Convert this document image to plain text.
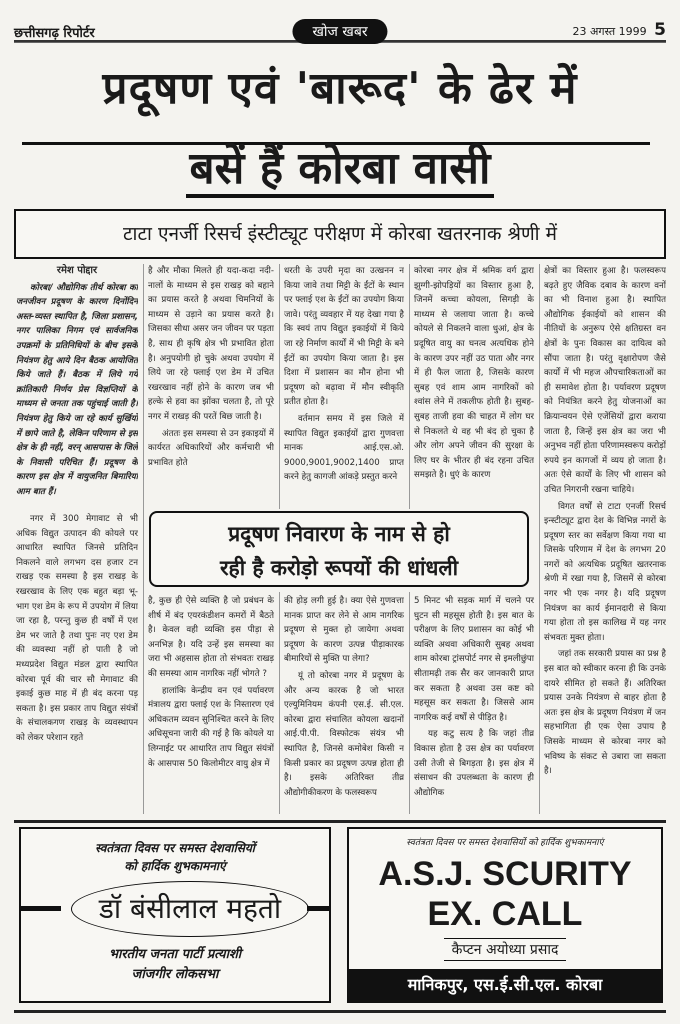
छत्तीसगढ़ रिपोर्टर	खोज खबर	23 अगस्त 1999 5
प्रदूषण एवं 'बारूद' के ढेर में
बसें हैं कोरबा वासी
टाटा एनर्जी रिसर्च इंस्टीट्यूट परीक्षण में कोरबा खतरनाक श्रेणी में

रमेश पोद्दार

कोरबा/ औद्योगिक तीर्थ कोरबा का जनजीवन प्रदूषण के कारण दिनोंदिन अस्त-व्यस्त स्थापित है, जिला प्रशासन, नगर पालिका निगम एवं सार्वजनिक उपक्रमों के प्रतिनिधियों के बीच इसके नियंत्रण हेतु आये दिन बैठक आयोजित किये जाते हैं। बैठक में लिये गये क्रांतिकारी निर्णय प्रेस विज्ञप्तियों के माध्यम से जनता तक पहुंचाई जाती है। नियंत्रण हेतु किये जा रहे कार्य सुर्खियों में छापे जाते है, लेकिन परिणाम से इस क्षेत्र के ही नहीं, वरन् आसपास के जिले के निवासी परिचित हैं। प्रदूषण के कारण इस क्षेत्र में वायुजनित बिमारियां आम बात हैं।

नगर में 300 मेगावाट से भी अधिक विद्युत उत्पादन की कोयले पर आधारित स्थापित जिनसे प्रतिदिन निकलने वाले लगभग दस हजार टन राखड़ एक समस्या है इस राखड़ के रखरखाव के लिए एक बहुत बड़ा भू-भाग एश डेम के रूप में उपयोग में लिया जा रहा है, परन्तु कुछ ही वर्षों में एश डेम भर जाते है तथा पुनः नए एश डेम की व्यवस्था नहीं हो पाती है जो मध्यप्रदेश विद्युत मंडल द्वारा स्थापित कोरबा पूर्व की चार सौ मेगावाट की इकाई कुछ माह में ही बंद करना पड़ सकता है। इस प्रकार ताप विद्युत संयंत्रों के संचालकगण राखड़ के व्यवस्थापन को लेकर परेशान रहते

है और मौका मिलते ही यदा-कदा नदी-नालों के माध्यम से इस राखड़ को बहाने का प्रयास करते है अथवा चिमनियों के माध्यम से उड़ाने का प्रयास करते है। जिसका सीधा असर जन जीवन पर पड़ता है, साथ ही कृषि क्षेत्र भी प्रभावित होता है। अनुपयोगी हो चुके अथवा उपयोग में लिये जा रहे फ्लाई एश डेम में उचित रखरखाव नहीं होने के कारण जब भी हल्के से हवा का झोंका चलता है, तो पूरे नगर में राखड़ की परतें बिछ जाती है।

अंततः इस समस्या से उन इकाइयों में कार्यरत अधिकारियों और कर्मचारी भी प्रभावित होते

धरती के उपरी मृदा का उत्खनन न किया जावे तथा मिट्टी के ईंटों के स्थान पर फ्लाई एश के ईंटों का उपयोग किया जावे। परंतु व्यवहार में यह देखा गया है कि स्वयं ताप विद्युत इकाईयों में किये जा रहे निर्माण कार्यों में भी मिट्टी के बने ईंटों का उपयोग किया जाता है। इस दिशा में प्रशासन का मौन होना भी प्रदूषण को बढ़ावा में मौन स्वीकृति प्रतीत होता है।

वर्तमान समय में इस जिले में स्थापित विद्युत इकाईयों द्वारा गुणवत्ता मानक आई.एस.ओ. 9000,9001,9002,1400 प्राप्त करने हेतु कागजी आंकड़े प्रस्तुत करने

कोरबा नगर क्षेत्र में श्रमिक वर्ग द्वारा झुग्गी-झोपड़ियों का विस्तार हुआ है, जिनमें कच्चा कोयला, सिगड़ी के माध्यम से जलाया जाता है। कच्चे कोयले से निकलने वाला धुआं, क्षेत्र के प्रदूषित वायु का घनत्व अत्यधिक होने के कारण उपर नहीं उठ पाता और नगर में ही फैल जाता है, जिसके कारण सुबह एवं शाम आम नागरिकों को श्वांस लेने में तकलीफ होती है। सुबह-सुबह ताजी हवा की चाहत में लोग घर से निकलते थे वह भी बंद हो चुका है और लोग अपने जीवन की सुरक्षा के लिए घर के भीतर ही बंद रहना उचित समझते है। धुएं के कारण

क्षेत्रों का विस्तार हुआ है। फलस्वरूप बढ़ते हुए जैविक दबाव के कारण वनों का भी विनाश हुआ है। स्थापित औद्योगिक ईकाईयों को शासन की नीतियों के अनुरूप ऐसे क्षतिग्रस्त वन क्षेत्रों के पुनः विकास का दायित्व को सौंपा जाता है। परंतु वृक्षारोपण जैसे कार्यों में भी महज औपचारिकताओं का ही समावेश होता है। पर्यावरण प्रदूषण को नियंत्रित करने हेतु योजनाओं का क्रियान्वयन ऐसे एजेंसियों द्वारा कराया जाता है, जिन्हें इस क्षेत्र का जरा भी अनुभव नहीं होता परिणामस्वरूप करोड़ों रुपये इन कागजों में व्यय हो जाता है। अतः ऐसे कार्यों के लिए भी शासन को उचित निगरानी रखना चाहिये।

विगत वर्षों से टाटा एनर्जी रिसर्च इन्स्टीट्यूट द्वारा देश के विभिन्न नगरों के प्रदूषण स्तर का सर्वेक्षण किया गया था जिसके परिणाम में देश के लगभग 20 नगरों को अत्यधिक प्रदूषित खतरनाक श्रेणी में रखा गया है, जिसमें से कोरबा नगर भी एक नगर है। यदि प्रदूषण नियंत्रण का कार्य ईमानदारी से किया गया होता तो इस कालिख में यह नगर संभवतः मुक्त होता।

जहां तक सरकारी प्रयास का प्रश्न है इस बात को स्वीकार करना ही कि उनके दायरे सीमित हो सकते हैं। अतिरिक्त प्रयास उनके नियंत्रण से बाहर होता है अतः इस क्षेत्र के प्रदूषण नियंत्रण में जन सहभागिता ही एक ऐसा उपाय है जिसके माध्यम से कोरबा नगर को भविष्य के संकट से उबारा जा सकता है।

प्रदूषण निवारण के नाम से हो
रही है करोड़ो रूपयों की धांधली

है, कुछ ही ऐसे व्यक्ति है जो प्रबंधन के शीर्ष में बंद एयरकंडीशन कमरों में बैठते है। केवल वही व्यक्ति इस पीड़ा से अनभिज्ञ है। यदि उन्हें इस समस्या का जरा भी अहसास होता तो संभवतः राखड़ की समस्या आम नागरिक नहीं भोगते ?

हालांकि केन्द्रीय वन एवं पर्यावरण मंत्रालय द्वारा फ्लाई एश के निस्तारण एवं अधिकतम व्यवन सुनिश्चित करने के लिए अधिसूचना जारी की गई है कि कोयले या लिग्नाईट पर आधारित ताप विद्युत संयंत्रों के आसपास 50 किलोमीटर वायु क्षेत्र में

की होड़ लगी हुई है। क्या ऐसे गुणवत्ता मानक प्राप्त कर लेने से आम नागरिक प्रदूषण से मुक्त हो जायेगा अथवा प्रदूषण के कारण उत्पन्न पीड़ाकारक बीमारियों से मुक्ति पा लेगा?

यूं तो कोरबा नगर में प्रदूषण के और अन्य कारक है जो भारत एल्युमिनियम कंपनी एस.ई. सी.एल. कोरबा द्वारा संचालित कोयला खदानों आई.पी.पी. विस्फोटक संयंत्र भी स्थापित है, जिनसे कमोबेश किसी न किसी प्रकार का प्रदूषण उत्पन्न होता ही है। इसके अतिरिक्त तीव्र औद्योगीकीकरण के फलस्वरूप

5 मिनट भी सड़क मार्ग में चलने पर घुटन सी महसूस होती है। इस बात के परीक्षण के लिए प्रशासन का कोई भी व्यक्ति अथवा अधिकारी सुबह अथवा शाम कोरबा ट्रांसपोर्ट नगर से इमलीछुंपा सीतामढ़ी तक सैर कर जानकारी प्राप्त कर सकता है अथवा उस कष्ट को महसूस कर सकता है। जिससे आम नागरिक कई वर्षों से पीड़ित है।

यह कटु सत्य है कि जहां तीव्र विकास होता है उस क्षेत्र का पर्यावरण उसी तेजी से बिगड़ता है। इस क्षेत्र में संसाधन की उपलब्धता के कारण ही औद्योगिक

स्वतंत्रता दिवस पर समस्त देशवासियों
को हार्दिक शुभकामनाएं
डॉ बंसीलाल महतो
भारतीय जनता पार्टी प्रत्याशी
जांजगीर लोकसभा
स्वतंत्रता दिवस पर समस्त देशवासियों को हार्दिक शुभकामनाएं
A.S.J. SCURITY
EX. CALL
कैप्टन अयोध्या प्रसाद
मानिकपुर, एस.ई.सी.एल. कोरबा
